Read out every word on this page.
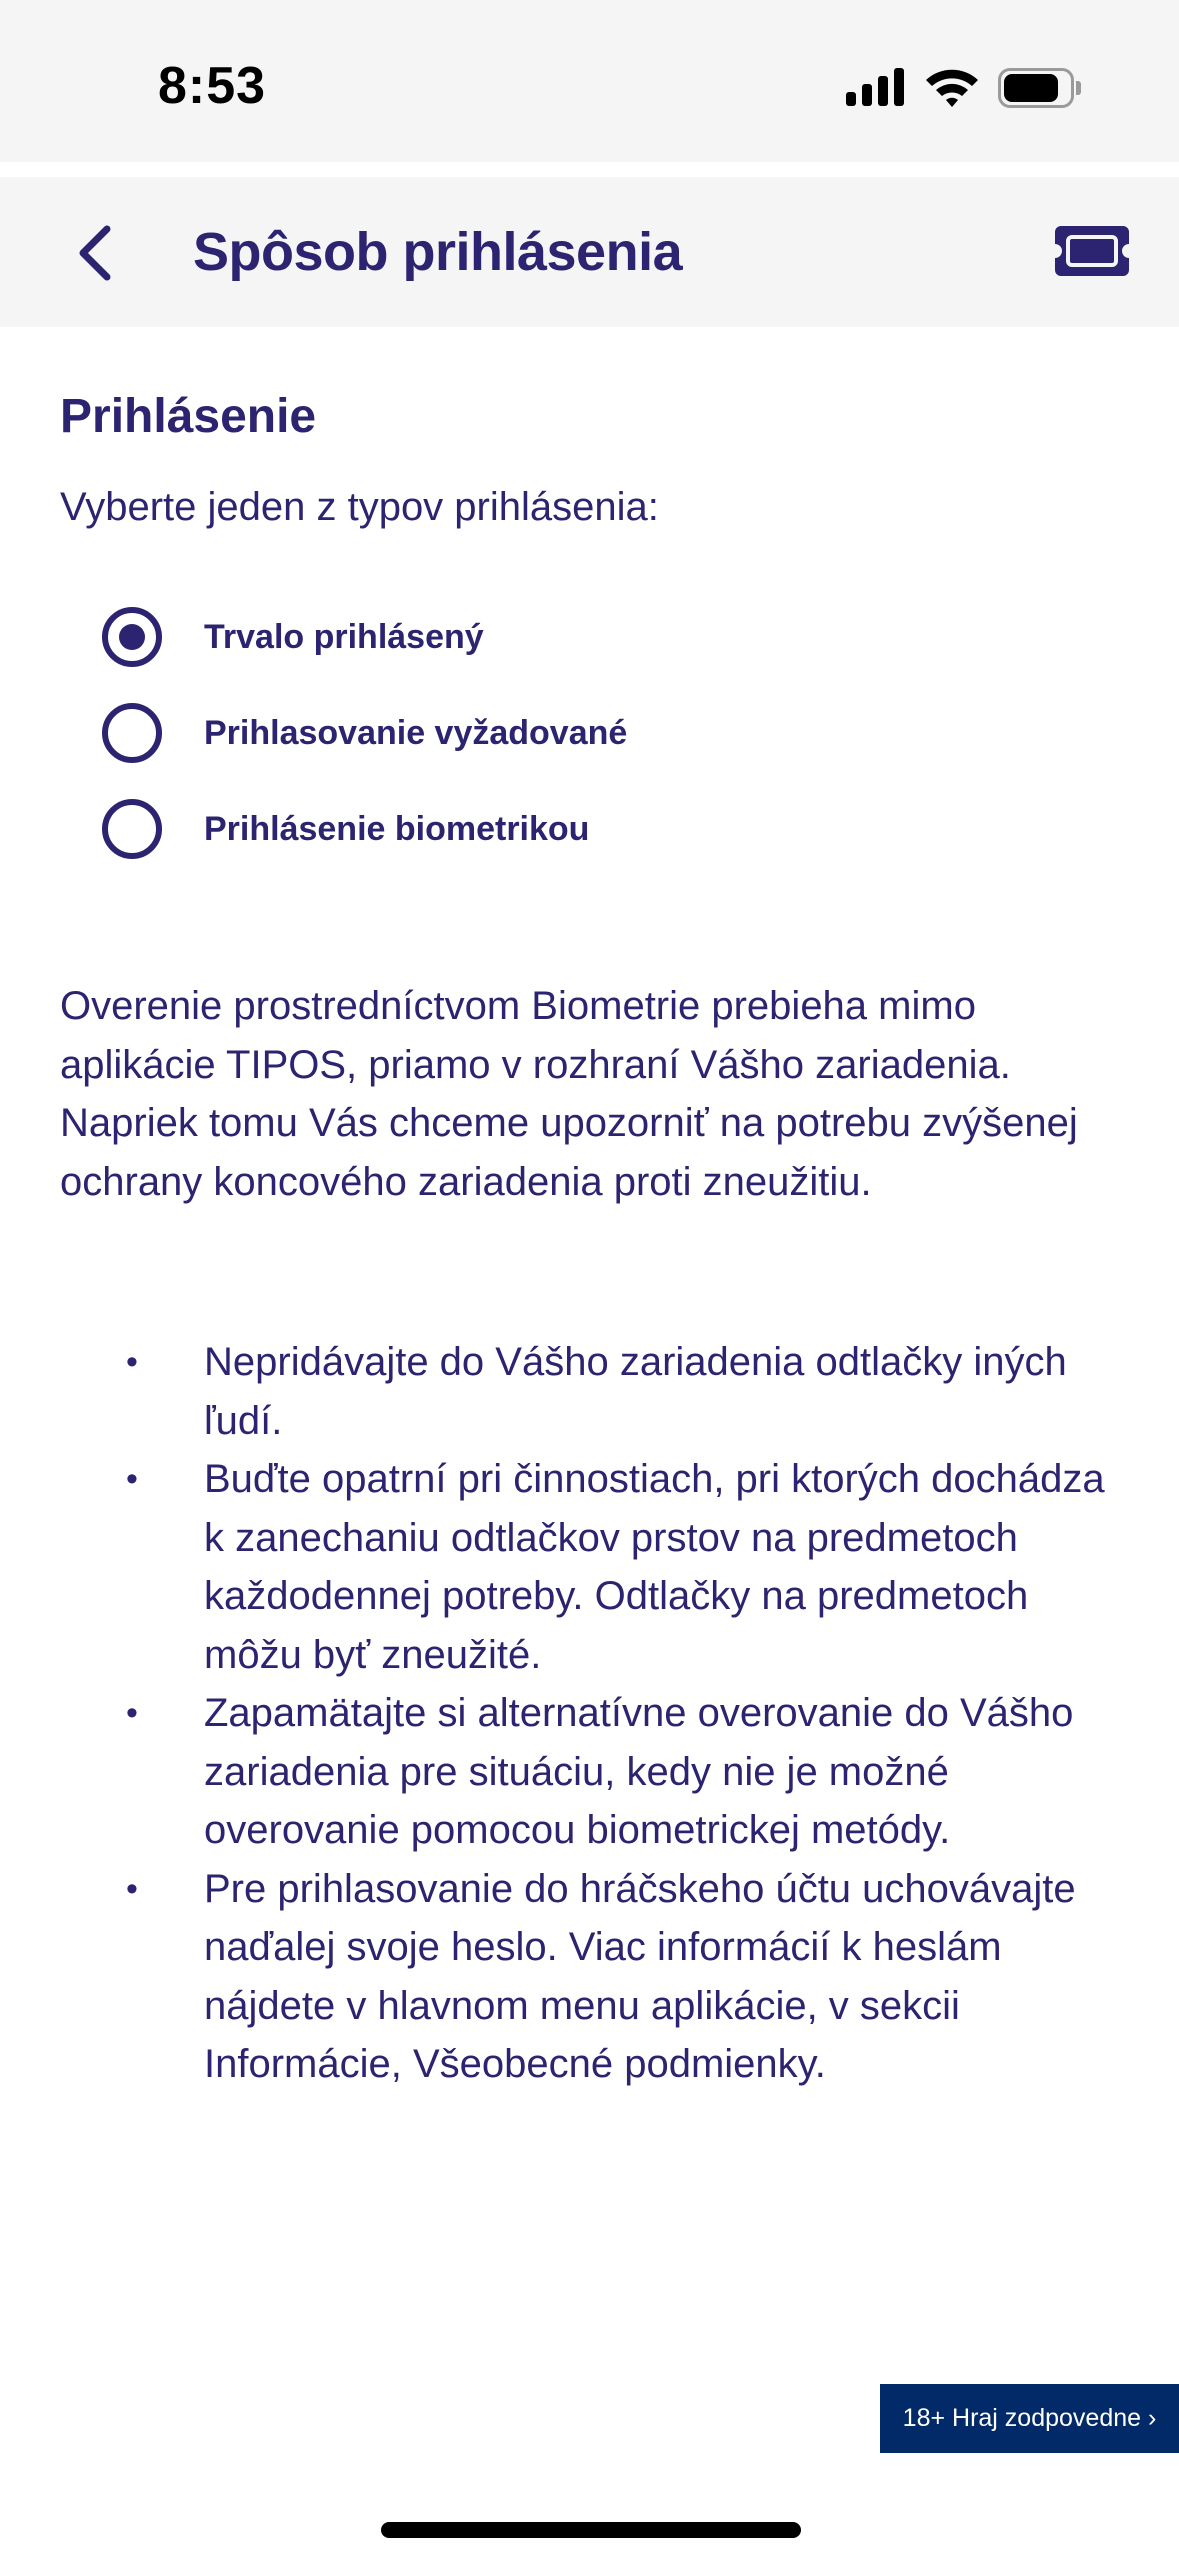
8:53
Spôsob prihlásenia
Prihlásenie
Vyberte jeden z typov prihlásenia:
Trvalo prihlásený
Prihlasovanie vyžadované
Prihlásenie biometrikou

Overenie prostredníctvom Biometrie prebieha mimo aplikácie TIPOS, priamo v rozhraní Vášho zariadenia. Napriek tomu Vás chceme upozorniť na potrebu zvýšenej ochrany koncového zariadenia proti zneužitiu.

• Nepridávajte do Vášho zariadenia odtlačky iných ľudí.
• Buďte opatrní pri činnostiach, pri ktorých dochádza k zanechaniu odtlačkov prstov na predmetoch každodennej potreby. Odtlačky na predmetoch môžu byť zneužité.
• Zapamätajte si alternatívne overovanie do Vášho zariadenia pre situáciu, kedy nie je možné overovanie pomocou biometrickej metódy.
• Pre prihlasovanie do hráčskeho účtu uchovávajte naďalej svoje heslo. Viac informácií k heslám nájdete v hlavnom menu aplikácie, v sekcii Informácie, Všeobecné podmienky.
18+ Hraj zodpovedne ›
